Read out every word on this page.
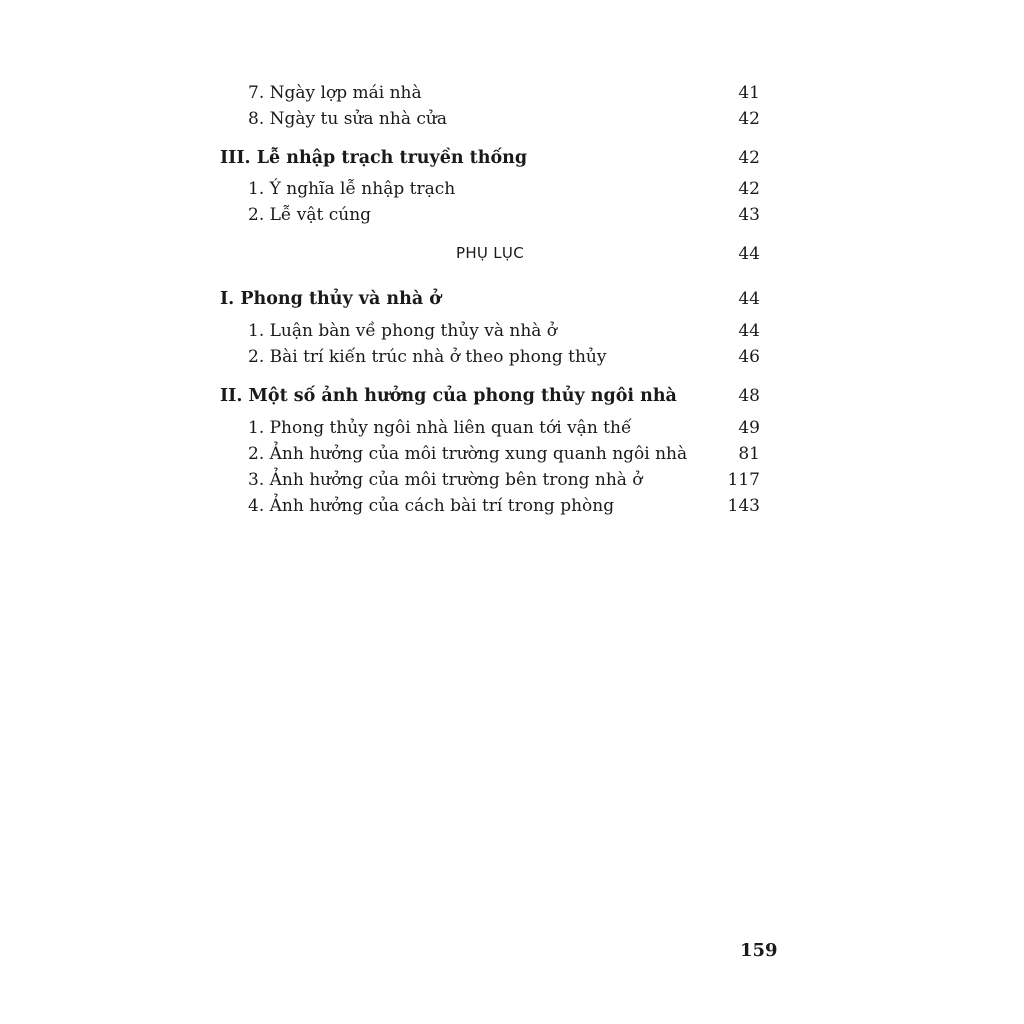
7. Ngày lợp mái nhà	41
8. Ngày tu sửa nhà cửa	42
III. Lễ nhập trạch truyền thống	42
1. Ý nghĩa lễ nhập trạch	42
2. Lễ vật cúng	43
PHỤ LỤC	44
I. Phong thủy và nhà ở	44
1. Luận bàn về phong thủy và nhà ở	44
2. Bài trí kiến trúc nhà ở theo phong thủy	46
II. Một số ảnh hưởng của phong thủy ngôi nhà	48
1. Phong thủy ngôi nhà liên quan tới vận thế	49
2. Ảnh hưởng của môi trường xung quanh ngôi nhà	81
3. Ảnh hưởng của môi trường bên trong nhà ở	117
4. Ảnh hưởng của cách bài trí trong phòng	143
159
